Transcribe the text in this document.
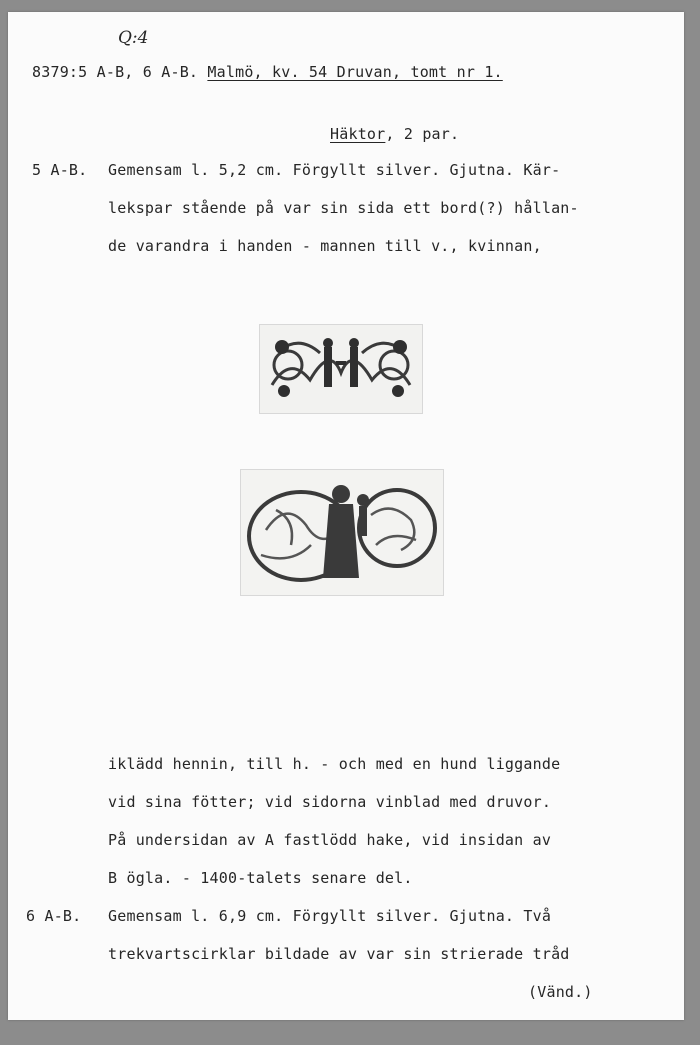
Q:4
8379:5 A-B, 6 A-B. Malmö, kv. 54 Druvan, tomt nr 1.
Häktor, 2 par.
5 A-B. Gemensam l. 5,2 cm. Förgyllt silver. Gjutna. Kär-
lekspar stående på var sin sida ett bord(?) hållan-
de varandra i handen - mannen till v., kvinnan,
iklädd hennin, till h. - och med en hund liggande
vid sina fötter; vid sidorna vinblad med druvor.
På undersidan av A fastlödd hake, vid insidan av
B ögla. - 1400-talets senare del.
6 A-B. Gemensam l. 6,9 cm. Förgyllt silver. Gjutna. Två
trekvartscirklar bildade av var sin strierade tråd
(Vänd.)
